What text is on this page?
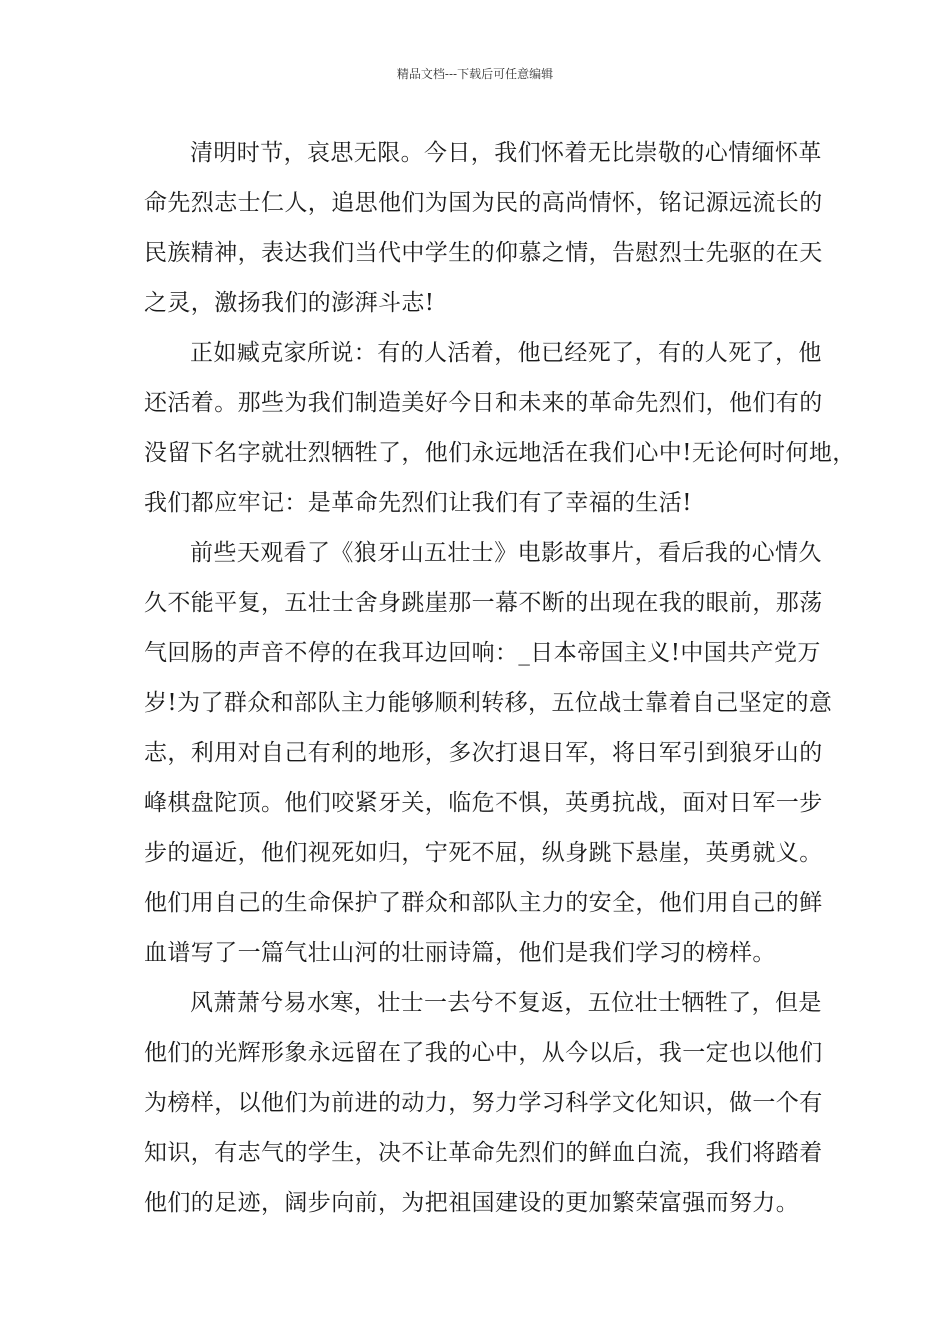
精品文档---下载后可任意编辑
清明时节，哀思无限。今日，我们怀着无比崇敬的心情缅怀革
命先烈志士仁人，追思他们为国为民的高尚情怀，铭记源远流长的
民族精神，表达我们当代中学生的仰慕之情，告慰烈士先驱的在天
之灵，激扬我们的澎湃斗志!
正如臧克家所说：有的人活着，他已经死了，有的人死了，他
还活着。那些为我们制造美好今日和未来的革命先烈们，他们有的
没留下名字就壮烈牺牲了，他们永远地活在我们心中!无论何时何地，
我们都应牢记：是革命先烈们让我们有了幸福的生活!
前些天观看了《狼牙山五壮士》电影故事片，看后我的心情久
久不能平复，五壮士舍身跳崖那一幕不断的出现在我的眼前，那荡
气回肠的声音不停的在我耳边回响：_日本帝国主义!中国共产党万
岁!为了群众和部队主力能够顺利转移，五位战士靠着自己坚定的意
志，利用对自己有利的地形，多次打退日军，将日军引到狼牙山的
峰棋盘陀顶。他们咬紧牙关，临危不惧，英勇抗战，面对日军一步
步的逼近，他们视死如归，宁死不屈，纵身跳下悬崖，英勇就义。
他们用自己的生命保护了群众和部队主力的安全，他们用自己的鲜
血谱写了一篇气壮山河的壮丽诗篇，他们是我们学习的榜样。
风萧萧兮易水寒，壮士一去兮不复返，五位壮士牺牲了，但是
他们的光辉形象永远留在了我的心中，从今以后，我一定也以他们
为榜样，以他们为前进的动力，努力学习科学文化知识，做一个有
知识，有志气的学生，决不让革命先烈们的鲜血白流，我们将踏着
他们的足迹，阔步向前，为把祖国建设的更加繁荣富强而努力。
